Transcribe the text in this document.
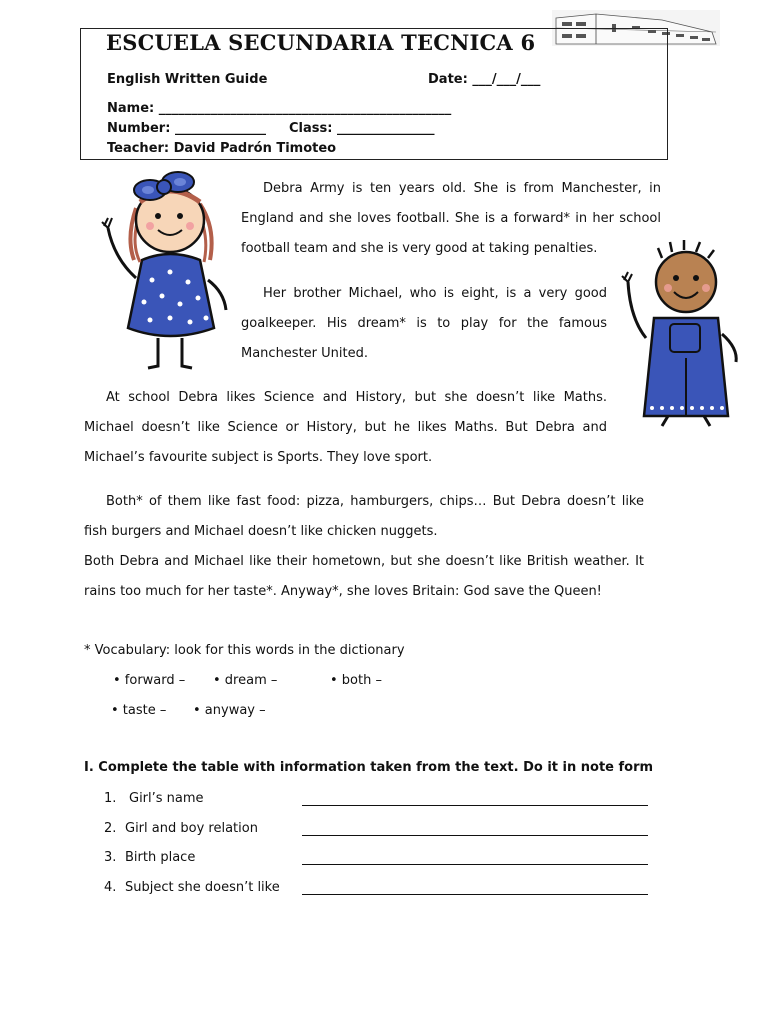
ESCUELA SECUNDARIA TECNICA 6
English Written Guide	Date: ___/___/___
Name: _____________________________________________
Number: ______________ Class: _______________
Teacher: David Padrón Timoteo

Debra Army is ten years old. She is from Manchester, in England and she loves football. She is a forward* in her school football team and she is very good at taking penalties.

Her brother Michael, who is eight, is a very good goalkeeper. His dream* is to play for the famous Manchester United.

At school Debra likes Science and History, but she doesn’t like Maths. Michael doesn’t like Science or History, but he likes Maths. But Debra and Michael’s favourite subject is Sports. They love sport.

Both* of them like fast food: pizza, hamburgers, chips… But Debra doesn’t like fish burgers and Michael doesn’t like chicken nuggets.

Both Debra and Michael like their hometown, but she doesn’t like British weather. It rains too much for her taste*. Anyway*, she loves Britain: God save the Queen!

* Vocabulary: look for this words in the dictionary
• forward – • dream –	• both –
• taste – • anyway –
I. Complete the table with information taken from the text. Do it in note form
1. Girl’s name
2. Girl and boy relation
3. Birth place
4. Subject she doesn’t like
